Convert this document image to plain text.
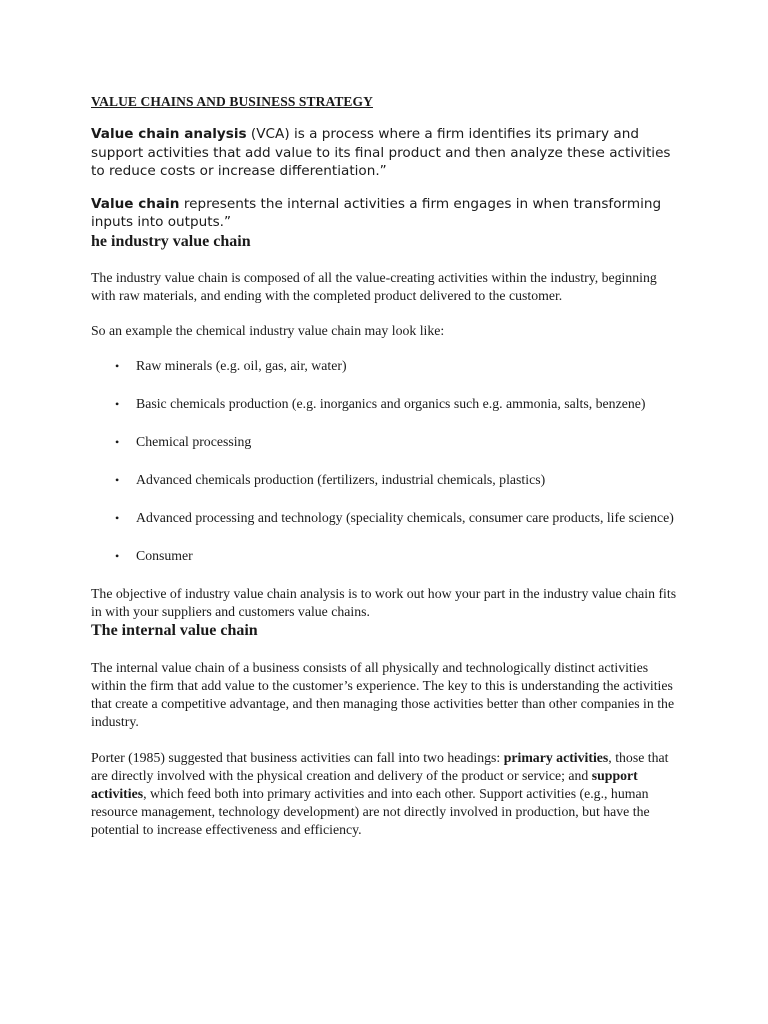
VALUE CHAINS AND BUSINESS STRATEGY

Value chain analysis (VCA) is a process where a firm identifies its primary and support activities that add value to its final product and then analyze these activities to reduce costs or increase differentiation.”

Value chain represents the internal activities a firm engages in when transforming inputs into outputs.”

he industry value chain

The industry value chain is composed of all the value-creating activities within the industry, beginning with raw materials, and ending with the completed product delivered to the customer.

So an example the chemical industry value chain may look like:

• Raw minerals (e.g. oil, gas, air, water)
• Basic chemicals production (e.g. inorganics and organics such e.g. ammonia, salts, benzene)
• Chemical processing
• Advanced chemicals production (fertilizers, industrial chemicals, plastics)
• Advanced processing and technology (speciality chemicals, consumer care products, life science)
• Consumer

The objective of industry value chain analysis is to work out how your part in the industry value chain fits in with your suppliers and customers value chains.

The internal value chain

The internal value chain of a business consists of all physically and technologically distinct activities within the firm that add value to the customer’s experience. The key to this is understanding the activities that create a competitive advantage, and then managing those activities better than other companies in the industry.

Porter (1985) suggested that business activities can fall into two headings: primary activities, those that are directly involved with the physical creation and delivery of the product or service; and support activities, which feed both into primary activities and into each other. Support activities (e.g., human resource management, technology development) are not directly involved in production, but have the potential to increase effectiveness and efficiency.
